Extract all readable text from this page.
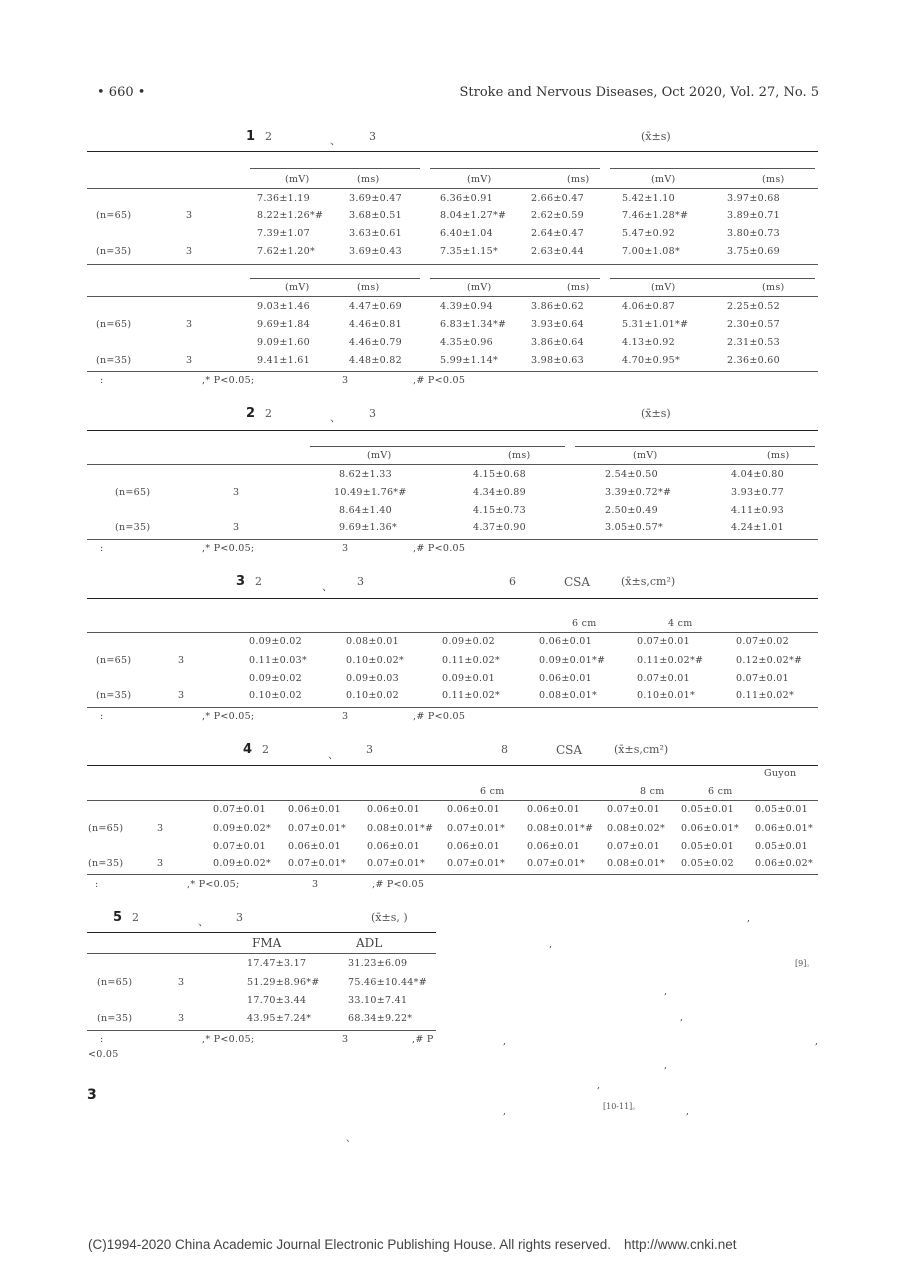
• 660 •	Stroke and Nervous Diseases, Oct 2020, Vol. 27, No. 5
1 2	、	3	(x̄±s)
(mV)	(ms)	(mV)	(ms)	(mV)	(ms)
7.36±1.19	3.69±0.47	6.36±0.91	2.66±0.47	5.42±1.10	3.97±0.68
(n=65)	3	8.22±1.26*#	3.68±0.51	8.04±1.27*#	2.62±0.59	7.46±1.28*#	3.89±0.71
7.39±1.07	3.63±0.61	6.40±1.04	2.64±0.47	5.47±0.92	3.80±0.73
(n=35)	3	7.62±1.20*	3.69±0.43	7.35±1.15*	2.63±0.44	7.00±1.08*	3.75±0.69
(mV)	(ms)	(mV)	(ms)	(mV)	(ms)
9.03±1.46	4.47±0.69	4.39±0.94	3.86±0.62	4.06±0.87	2.25±0.52
(n=65)	3	9.69±1.84	4.46±0.81	6.83±1.34*#	3.93±0.64	5.31±1.01*#	2.30±0.57
9.09±1.60	4.46±0.79	4.35±0.96	3.86±0.64	4.13±0.92	2.31±0.53
(n=35)	3	9.41±1.61	4.48±0.82	5.99±1.14*	3.98±0.63	4.70±0.95*	2.36±0.60
:	,* P<0.05;	3	,# P<0.05
2 2	、	3	(x̄±s)
(mV)	(ms)	(mV)	(ms)
8.62±1.33	4.15±0.68	2.54±0.50	4.04±0.80
(n=65)	3	10.49±1.76*#	4.34±0.89	3.39±0.72*#	3.93±0.77
8.64±1.40	4.15±0.73	2.50±0.49	4.11±0.93
(n=35)	3	9.69±1.36*	4.37±0.90	3.05±0.57*	4.24±1.01
:	,* P<0.05;	3	,# P<0.05
3 2	、 3	6	CSA	(x̄±s,cm²)
6 cm	4 cm
0.09±0.02	0.08±0.01	0.09±0.02	0.06±0.01	0.07±0.01	0.07±0.02
(n=65)	3	0.11±0.03*	0.10±0.02*	0.11±0.02*	0.09±0.01*#	0.11±0.02*#	0.12±0.02*#
0.09±0.02	0.09±0.03	0.09±0.01	0.06±0.01	0.07±0.01	0.07±0.01
(n=35)	3	0.10±0.02	0.10±0.02	0.11±0.02*	0.08±0.01*	0.10±0.01*	0.11±0.02*
:	,* P<0.05;	3	,# P<0.05
4 2	、 3	8	CSA	(x̄±s,cm²)
Guyon
6 cm	8 cm	6 cm
0.07±0.01 0.06±0.01	0.06±0.01	0.06±0.01	0.06±0.01	0.07±0.01 0.05±0.01 0.05±0.01
(n=65)	3	0.09±0.02* 0.07±0.01* 0.08±0.01*# 0.07±0.01* 0.08±0.01*# 0.08±0.02* 0.06±0.01* 0.06±0.01*
0.07±0.01 0.06±0.01	0.06±0.01	0.06±0.01	0.06±0.01	0.07±0.01 0.05±0.01 0.05±0.01
(n=35)	3	0.09±0.02* 0.07±0.01* 0.07±0.01* 0.07±0.01* 0.07±0.01* 0.08±0.01* 0.05±0.02 0.06±0.02*
:	,* P<0.05;	3	,# P<0.05
5 2	、 3	(x̄±s, )
FMA	ADL
17.47±3.17	31.23±6.09
(n=65)	3	51.29±8.96*#	75.46±10.44*#
17.70±3.44	33.10±7.41
(n=35)	3	43.95±7.24*	68.34±9.22*
:	,* P<0.05;	3	,# P
<0.05
,
,
[9]。
,
,
,	,
,
,
,	[10-11]。	,
3
、
(C)1994-2020 China Academic Journal Electronic Publishing House. All rights reserved. http://www.cnki.net
